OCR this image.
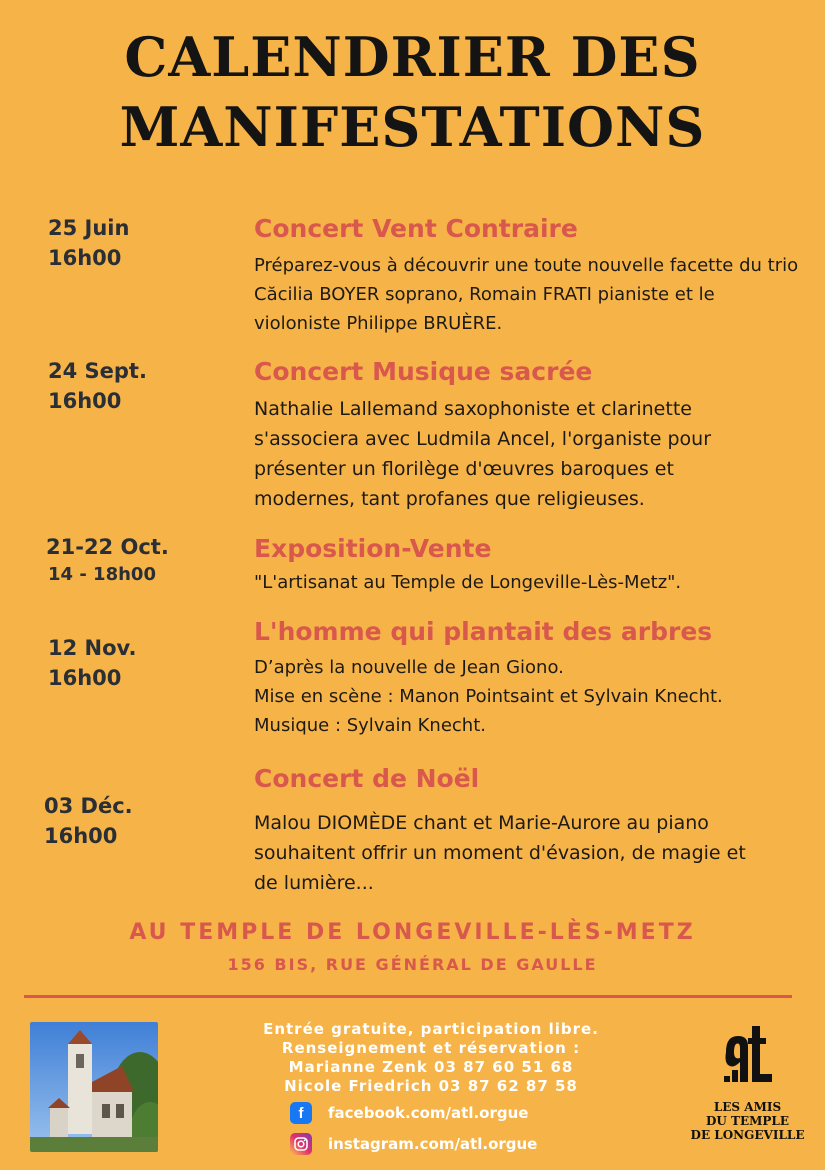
CALENDRIER DES
MANIFESTATIONS
25 Juin
16h00
Concert Vent Contraire
Préparez-vous à découvrir une toute nouvelle facette du trio Căcilia BOYER soprano, Romain FRATI pianiste et le violoniste Philippe BRUÈRE.
24 Sept.
16h00
Concert Musique sacrée
Nathalie Lallemand saxophoniste et clarinette s'associera avec Ludmila Ancel, l'organiste pour présenter un florilège d'œuvres baroques et modernes, tant profanes que religieuses.
21-22 Oct.
14 - 18h00
Exposition-Vente
"L'artisanat au Temple de Longeville-Lès-Metz".
12 Nov.
16h00
L'homme qui plantait des arbres
D’après la nouvelle de Jean Giono.
Mise en scène : Manon Pointsaint et Sylvain Knecht. Musique : Sylvain Knecht.
03 Déc.
16h00
Concert de Noël
Malou DIOMÈDE chant et Marie-Aurore au piano souhaitent offrir un moment d'évasion, de magie et de lumière...
AU TEMPLE DE LONGEVILLE-LÈS-METZ
156 BIS, RUE GÉNÉRAL DE GAULLE
Entrée gratuite, participation libre.
Renseignement et réservation :
Marianne Zenk 03 87 60 51 68
Nicole Friedrich 03 87 62 87 58
f	facebook.com/atl.orgue
instagram.com/atl.orgue
LES AMIS
DU TEMPLE
DE LONGEVILLE
